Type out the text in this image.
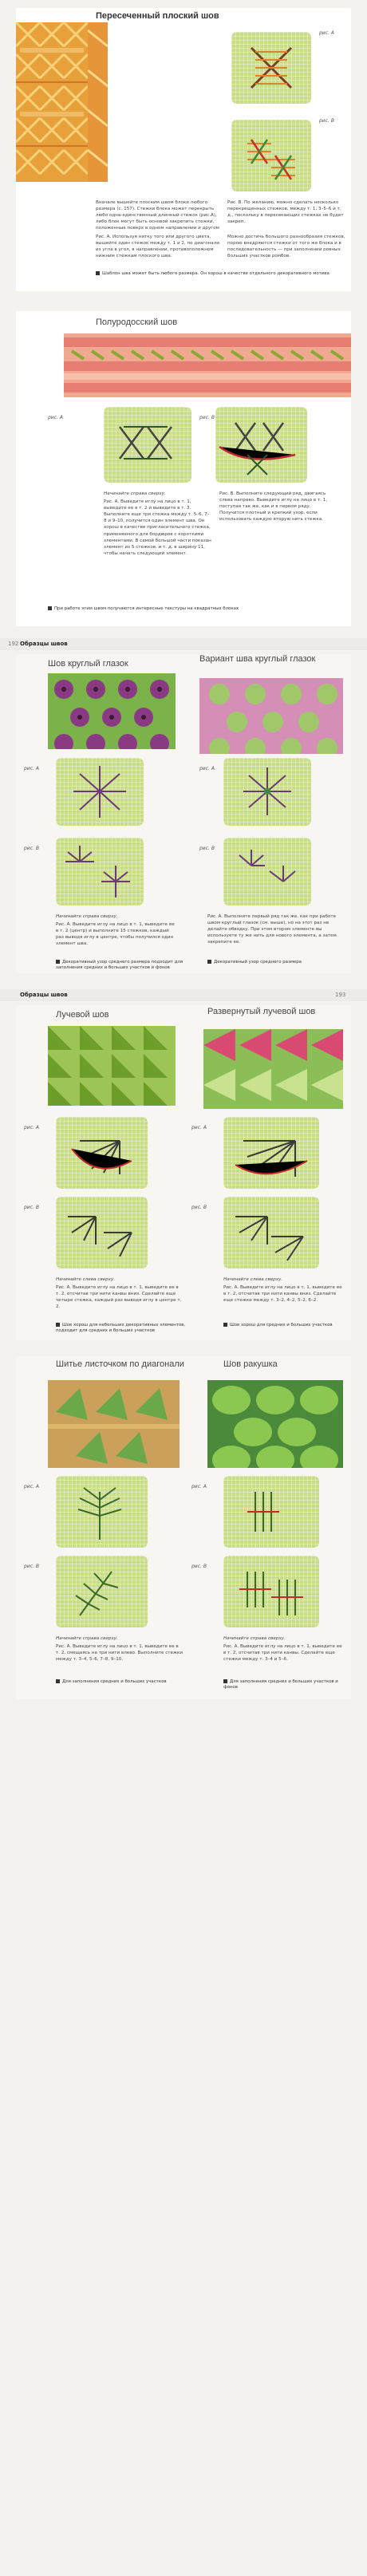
Пересеченный плоский шов
рис. А
рис. В
Вначале вышейте плоским швом блоки любого размера (с. 157). Стежки блока может перекрыть любо одна-единственный длинный стежок (рис.А), либо блок могут быть основой закрепить стежки, положенные поверх в одном направлении и другом
Рис. А. Используя нитку того или другого цвета, вышейте один стежок между т. 1 и 2, по диагонали из угла в угол, в направлении, противоположном нижним стежкам плоского шва.
Рис. В. По желанию, можно сделать несколько перекрещенных стежков, между т. 1, 3–5–6 и т. д., поскольку в пересекающих стежках не будет закреп.
Можно достичь большого разнообразия стежков, порою внедряются стежки от того же блока и в последовательность — при заполнении ровных больших участков ромбов.
Шаблон шва может быть любого размера. Он хорош в качестве отдельного декоративного мотива
Полуродосский шов
рис. А	рис. В
Начинайте справа сверху.
Рис. А. Выведите иглу на лицо в т. 1, выведите ее в т. 2 и выведите в т. 3. Выполните еще три стежка между т. 5–6, 7–8 и 9–10, получится один элемент шва. Он хорош в качестве пригласительного стежка, применяемого для бордюров с короткими элементами. В самой большой части показан элемент из 5 стежков, и т. д. в ширину 11, чтобы начать следующий элемент.
Рис. В. Выполните следующий ряд, двигаясь слева направо. Выведите иглу на лицо в т. 1, поступая так же, как и в первом ряду. Получится плотный и крепкий узор, если использовать каждую вторую нить стежка.
При работе этим швом получаются интересные текстуры на квадратных блоках
Образцы швов
192
Шов круглый глазок	Вариант шва круглый глазок
рис. А
рис. В
рис. А
рис. В
Начинайте справа сверху.
Рис. А. Выведите иглу на лицо в т. 1, выведите ее в т. 2 (центр) и выполните 15 стежков, каждый раз выводя иглу в центре, чтобы получился один элемент шва.
Рис. А. Выполните первый ряд так же, как при работе швом круглый глазок (см. выше), но на этот раз не делайте обводку. При этом втором элементе вы используете ту же нить для нового элемента, а затем закрепите ее.
Декоративный узор среднего размера подходит для заполнения средних и больших участков и фонов
Декоративный узор среднего размера
Образцы швов	193
Лучевой шов	Развернутый лучевой шов
рис. А
рис. В
рис. А
рис. В
Начинайте слева сверху.
Рис. А. Выведите иглу на лицо в т. 1, выведите ее в т. 2, отсчитав три нити канвы вниз. Сделайте еще четыре стежка, каждый раз выводя иглу в центре т. 2.
Начинайте слева сверху.
Рис. А. Выведите иглу на лицо в т. 1, выведите ее в т. 2, отсчитав три нити канвы вниз. Сделайте еще стежки между т. 3–2, 4–2, 5–2, 6–2.
Шов хорош для небольших декоративных элементов, подходит для средних и больших участков
Шов хорош для средних и больших участков
Шитье листочком по диагонали	Шов ракушка
рис. А
рис. В
рис. А
рис. В
Начинайте справа сверху.
Рис. А. Выведите иглу на лицо в т. 1, выведите ее в т. 2, смещаясь на три нити влево. Выполните стежки между т. 3–4, 5–6, 7–8, 9–10.
Начинайте справа сверху.
Рис. А. Выведите иглу на лицо в т. 1, выведите ее в т. 2, отсчитав три нити канвы. Сделайте еще стежки между т. 3–4 и 5–6.
Для заполнения средних и больших участков	Для заполнения средних и больших участков и фонов
